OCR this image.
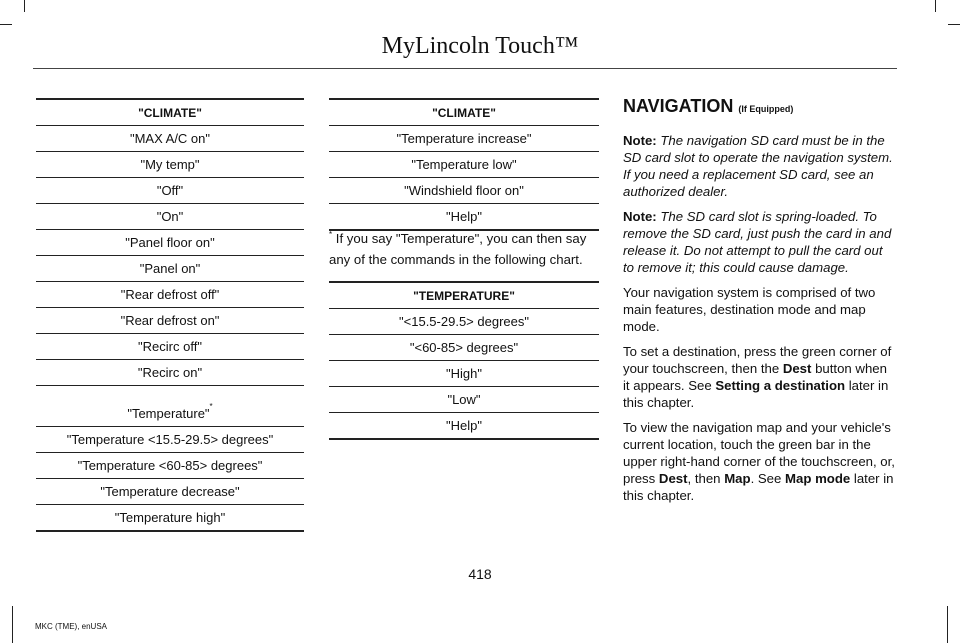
MyLincoln Touch™
"CLIMATE"
"MAX A/C on"
"My temp"
"Off"
"On"
"Panel floor on"
"Panel on"
"Rear defrost off"
"Rear defrost on"
"Recirc off"
"Recirc on"
"Temperature"*
"Temperature <15.5-29.5> degrees"
"Temperature <60-85> degrees"
"Temperature decrease"
"Temperature high"
"CLIMATE"
"Temperature increase"
"Temperature low"
"Windshield floor on"
"Help"
* If you say "Temperature", you can then say any of the commands in the following chart.
"TEMPERATURE"
"<15.5-29.5> degrees"
"<60-85> degrees"
"High"
"Low"
"Help"
NAVIGATION (If Equipped)

Note: The navigation SD card must be in the SD card slot to operate the navigation system. If you need a replacement SD card, see an authorized dealer.

Note: The SD card slot is spring-loaded. To remove the SD card, just push the card in and release it. Do not attempt to pull the card out to remove it; this could cause damage.

Your navigation system is comprised of two main features, destination mode and map mode.

To set a destination, press the green corner of your touchscreen, then the Dest button when it appears. See Setting a destination later in this chapter.

To view the navigation map and your vehicle's current location, touch the green bar in the upper right-hand corner of the touchscreen, or, press Dest, then Map. See Map mode later in this chapter.

418
MKC (TME), enUSA
